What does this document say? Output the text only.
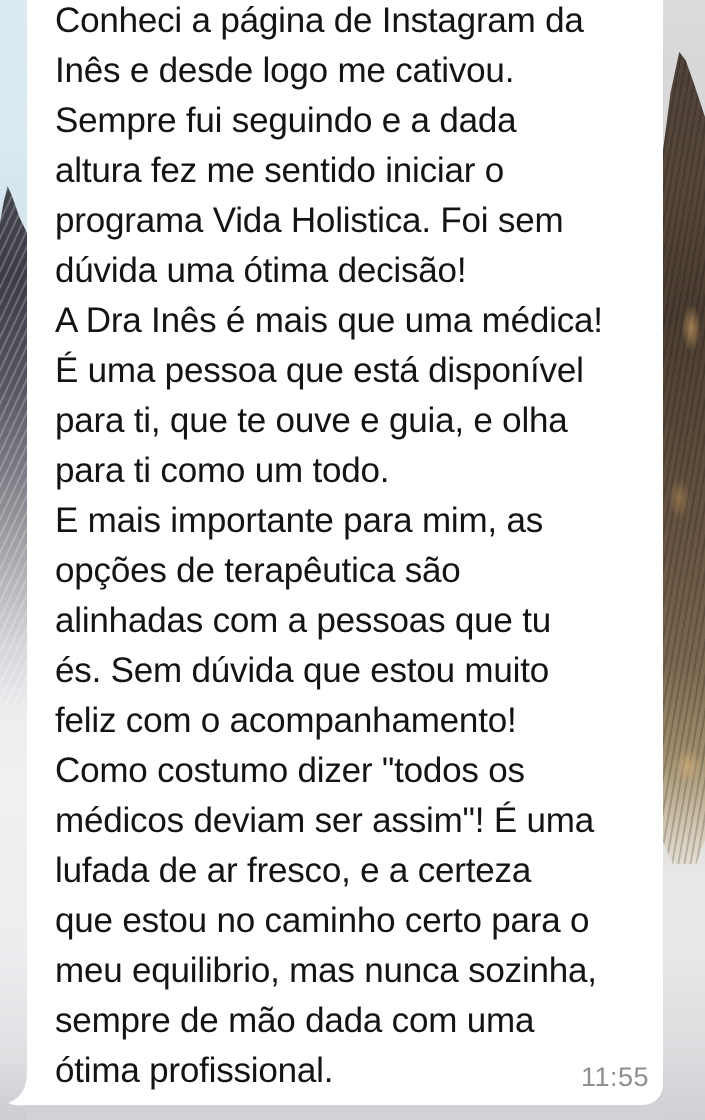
Conheci a página de Instagram da
Inês e desde logo me cativou.
Sempre fui seguindo e a dada
altura fez me sentido iniciar o
programa Vida Holistica. Foi sem
dúvida uma ótima decisão!
A Dra Inês é mais que uma médica!
É uma pessoa que está disponível
para ti, que te ouve e guia, e olha
para ti como um todo.
E mais importante para mim, as
opções de terapêutica são
alinhadas com a pessoas que tu
és. Sem dúvida que estou muito
feliz com o acompanhamento!
Como costumo dizer "todos os
médicos deviam ser assim"! É uma
lufada de ar fresco, e a certeza
que estou no caminho certo para o
meu equilibrio, mas nunca sozinha,
sempre de mão dada com uma
ótima profissional.	11:55
